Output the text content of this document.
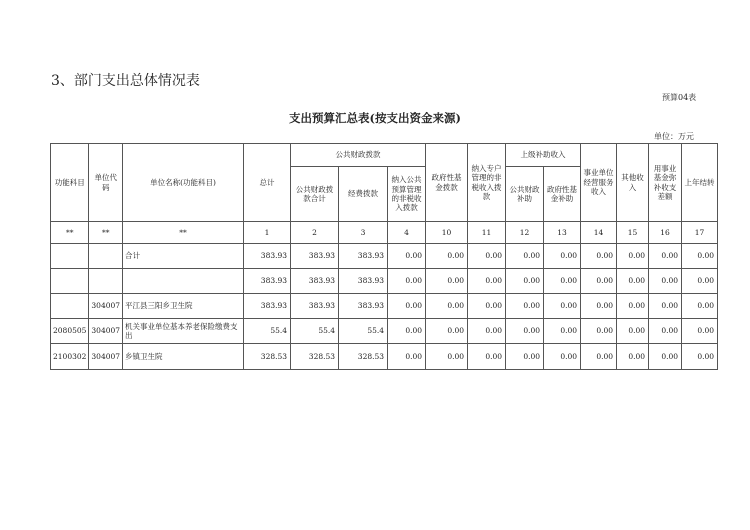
3、部门支出总体情况表
预算04表
支出预算汇总表(按支出资金来源)
单位：万元
功能科目	单位代码	单位名称(功能科目)	总计	公共财政拨款			政府性基金拨款	纳入专户管理的非税收入拨款	上级补助收入		事业单位经营服务收入	其他收入	用事业基金弥补收支差额	上年结转
				公共财政拨款合计	经费拨款	纳入公共预算管理的非税收入拨款			公共财政补助	政府性基金补助				
**	**	**	1	2	3	4	10	11	12	13	14	15	16	17
		合计	383.93	383.93	383.93	0.00	0.00	0.00	0.00	0.00	0.00	0.00	0.00	0.00
			383.93	383.93	383.93	0.00	0.00	0.00	0.00	0.00	0.00	0.00	0.00	0.00
	304007	平江县三阳乡卫生院	383.93	383.93	383.93	0.00	0.00	0.00	0.00	0.00	0.00	0.00	0.00	0.00
2080505	304007	机关事业单位基本养老保险缴费支出	55.4	55.4	55.4	0.00	0.00	0.00	0.00	0.00	0.00	0.00	0.00	0.00
2100302	304007	乡镇卫生院	328.53	328.53	328.53	0.00	0.00	0.00	0.00	0.00	0.00	0.00	0.00	0.00
